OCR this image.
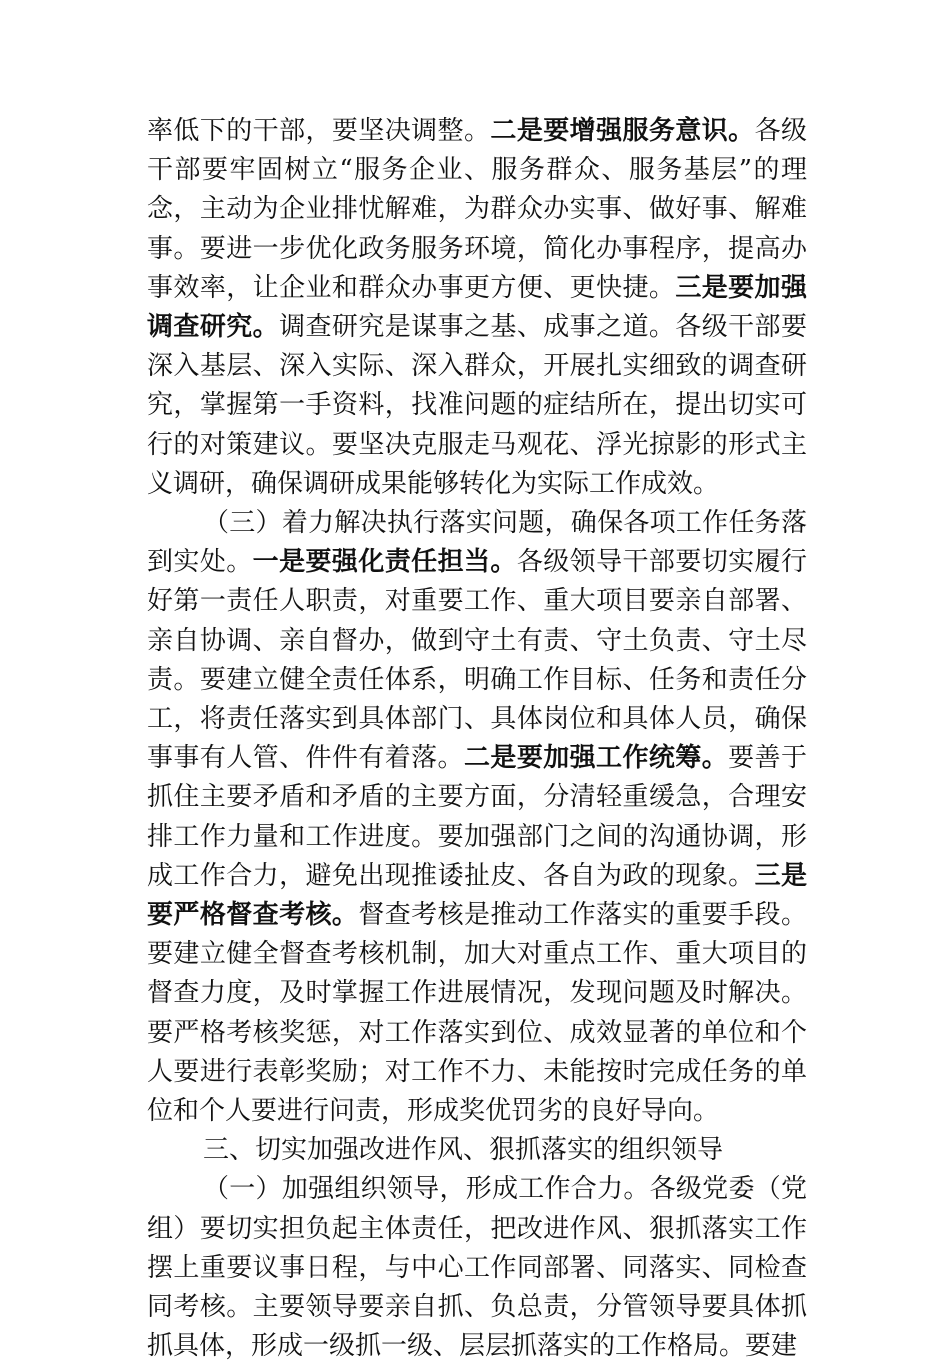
率低下的干部，要坚决调整。二是要增强服务意识。各级干部要牢固树立“服务企业、服务群众、服务基层”的理念，主动为企业排忧解难，为群众办实事、做好事、解难事。要进一步优化政务服务环境，简化办事程序，提高办事效率，让企业和群众办事更方便、更快捷。三是要加强调查研究。调查研究是谋事之基、成事之道。各级干部要深入基层、深入实际、深入群众，开展扎实细致的调查研究，掌握第一手资料，找准问题的症结所在，提出切实可行的对策建议。要坚决克服走马观花、浮光掠影的形式主义调研，确保调研成果能够转化为实际工作成效。

（三）着力解决执行落实问题，确保各项工作任务落到实处。一是要强化责任担当。各级领导干部要切实履行好第一责任人职责，对重要工作、重大项目要亲自部署、亲自协调、亲自督办，做到守土有责、守土负责、守土尽责。要建立健全责任体系，明确工作目标、任务和责任分工，将责任落实到具体部门、具体岗位和具体人员，确保事事有人管、件件有着落。二是要加强工作统筹。要善于抓住主要矛盾和矛盾的主要方面，分清轻重缓急，合理安排工作力量和工作进度。要加强部门之间的沟通协调，形成工作合力，避免出现推诿扯皮、各自为政的现象。三是要严格督查考核。督查考核是推动工作落实的重要手段。要建立健全督查考核机制，加大对重点工作、重大项目的督查力度，及时掌握工作进展情况，发现问题及时解决。要严格考核奖惩，对工作落实到位、成效显著的单位和个人要进行表彰奖励；对工作不力、未能按时完成任务的单位和个人要进行问责，形成奖优罚劣的良好导向。

三、切实加强改进作风、狠抓落实的组织领导

（一）加强组织领导，形成工作合力。各级党委（党组）要切实担负起主体责任，把改进作风、狠抓落实工作摆上重要议事日程，与中心工作同部署、同落实、同检查同考核。主要领导要亲自抓、负总责，分管领导要具体抓抓具体，形成一级抓一级、层层抓落实的工作格局。要建
